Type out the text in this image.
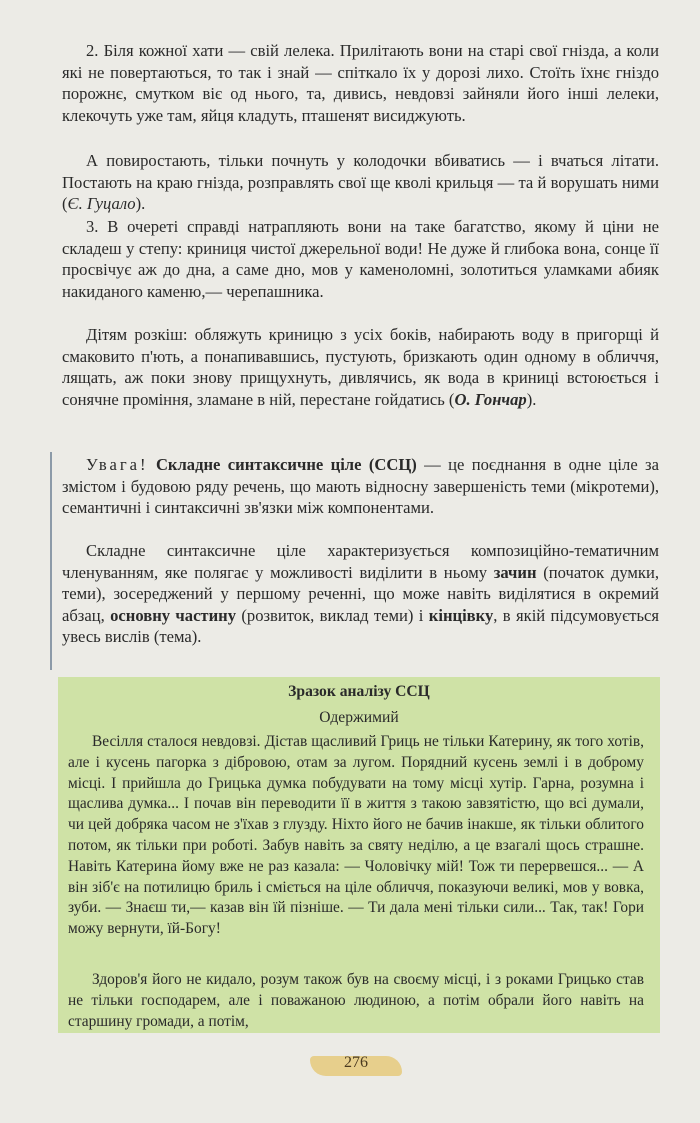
2. Біля кожної хати — свій лелека. Прилітають вони на старі свої гнізда, а коли які не повертаються, то так і знай — спіткало їх у дорозі лихо. Стоїть їхнє гніздо порожнє, смутком віє од нього, та, дивись, невдовзі зайняли його інші лелеки, клекочуть уже там, яйця кладуть, пташенят висиджують.

А повиростають, тільки почнуть у колодочки вбиватись — і вчаться літати. Постають на краю гнізда, розправлять свої ще кволі крильця — та й ворушать ними (Є. Гуцало).

3. В очереті справді натрапляють вони на таке багатство, якому й ціни не складеш у степу: криниця чистої джерельної води! Не дуже й глибока вона, сонце її просвічує аж до дна, а саме дно, мов у каменоломні, золотиться уламками абияк накиданого каменю,— черепашника.

Дітям розкіш: обляжуть криницю з усіх боків, набирають воду в пригорщі й смаковито п'ють, а понапивавшись, пустують, бризкають один одному в обличчя, лящать, аж поки знову прищухнуть, дивлячись, як вода в криниці встоюється і сонячне проміння, зламане в ній, перестане гойдатись (О. Гончар).

Увага! Складне синтаксичне ціле (ССЦ) — це поєднання в одне ціле за змістом і будовою ряду речень, що мають відносну завершеність теми (мікротеми), семантичні і синтаксичні зв'язки між компонентами.

Складне синтаксичне ціле характеризується композиційно-тематичним членуванням, яке полягає у можливості виділити в ньому зачин (початок думки, теми), зосереджений у першому реченні, що може навіть виділятися в окремий абзац, основну частину (розвиток, виклад теми) і кінцівку, в якій підсумовується увесь вислів (тема).

Зразок аналізу ССЦ

Одержимий

Весілля сталося невдовзі. Дістав щасливий Гриць не тільки Катерину, як того хотів, але і кусень пагорка з дібровою, отам за лугом. Порядний кусень землі і в доброму місці. І прийшла до Грицька думка побудувати на тому місці хутір. Гарна, розумна і щаслива думка... І почав він переводити її в життя з такою завзятістю, що всі думали, чи цей добряка часом не з'їхав з глузду. Ніхто його не бачив інакше, як тільки облитого потом, як тільки при роботі. Забув навіть за святу неділю, а це взагалі щось страшне. Навіть Катерина йому вже не раз казала: — Чоловічку мій! Тож ти перервешся... — А він зіб'є на потилицю бриль і сміється на ціле обличчя, показуючи великі, мов у вовка, зуби. — Знаєш ти,— казав він їй пізніше. — Ти дала мені тільки сили... Так, так! Гори можу вернути, їй-Богу!

Здоров'я його не кидало, розум також був на своєму місці, і з роками Грицько став не тільки господарем, але і поважаною людиною, а потім обрали його навіть на старшину громади, а потім,

276
